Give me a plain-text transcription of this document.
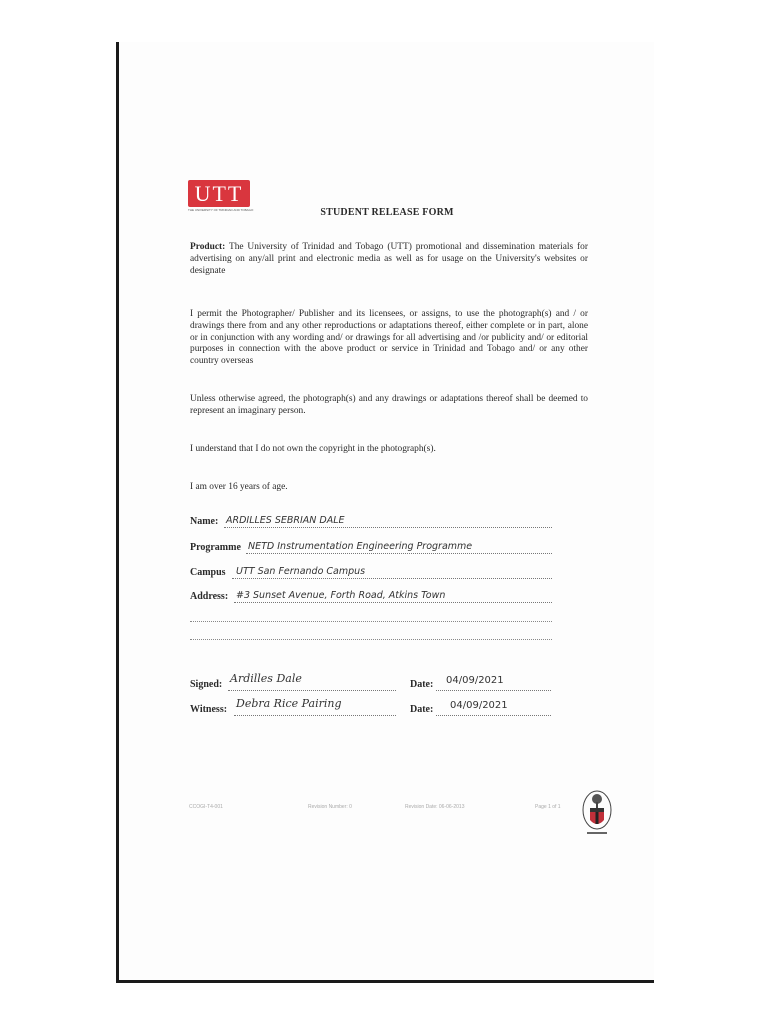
UTT
THE UNIVERSITY OF TRINIDAD AND TOBAGO	STUDENT RELEASE FORM

Product: The University of Trinidad and Tobago (UTT) promotional and dissemination materials for advertising on any/all print and electronic media as well as for usage on the University's websites or designate

I permit the Photographer/ Publisher and its licensees, or assigns, to use the photograph(s) and / or drawings there from and any other reproductions or adaptations thereof, either complete or in part, alone or in conjunction with any wording and/ or drawings for all advertising and /or publicity and/ or editorial purposes in connection with the above product or service in Trinidad and Tobago and/ or any other country overseas

Unless otherwise agreed, the photograph(s) and any drawings or adaptations thereof shall be deemed to represent an imaginary person.

I understand that I do not own the copyright in the photograph(s).

I am over 16 years of age.

Name: ARDILLES SEBRIAN DALE
Programme NETD Instrumentation Engineering Programme
Campus UTT San Fernando Campus
Address: #3 Sunset Avenue, Forth Road, Atkins Town
Signed: Ardilles Dale	Date: 04/09/2021
Witness: Debra Rice Pairing	Date: 04/09/2021
CCOGI-T4-001	Revision Number: 0	Revision Date: 06-06-2013	Page 1 of 1
